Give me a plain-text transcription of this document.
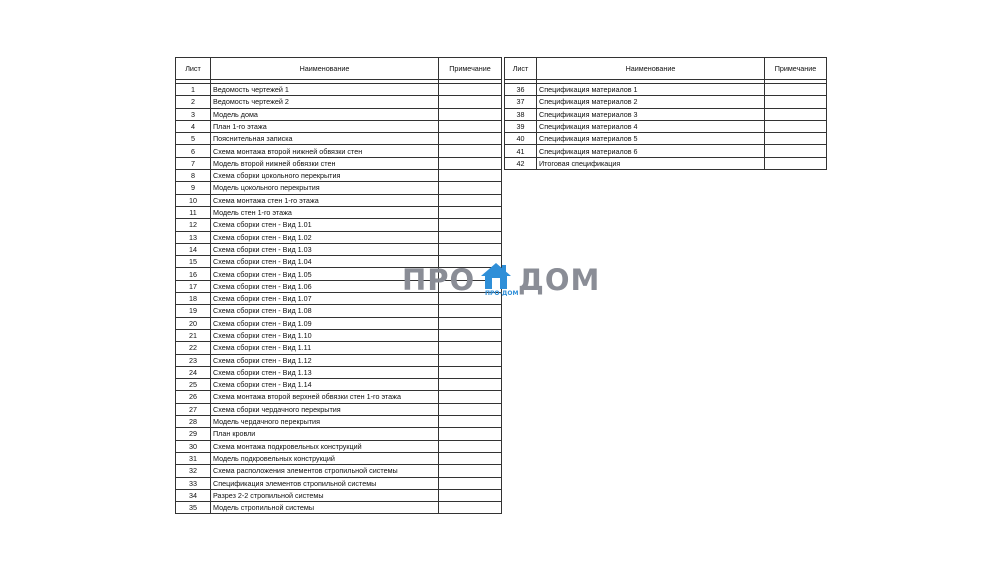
Лист	Наименование	Примечание

1	Ведомость чертежей 1	
2	Ведомость чертежей 2	
3	Модель дома	
4	План 1-го этажа	
5	Пояснительная записка	
6	Схема монтажа второй нижней обвязки стен	
7	Модель второй нижней обвязки стен	
8	Схема сборки цокольного перекрытия	
9	Модель цокольного перекрытия	
10	Схема монтажа стен 1-го этажа	
11	Модель стен 1-го этажа	
12	Схема сборки стен - Вид 1.01	
13	Схема сборки стен - Вид 1.02	
14	Схема сборки стен - Вид 1.03	
15	Схема сборки стен - Вид 1.04	
16	Схема сборки стен - Вид 1.05	
17	Схема сборки стен - Вид 1.06	
18	Схема сборки стен - Вид 1.07	
19	Схема сборки стен - Вид 1.08	
20	Схема сборки стен - Вид 1.09	
21	Схема сборки стен - Вид 1.10	
22	Схема сборки стен - Вид 1.11	
23	Схема сборки стен - Вид 1.12	
24	Схема сборки стен - Вид 1.13	
25	Схема сборки стен - Вид 1.14	
26	Схема монтажа второй верхней обвязки стен 1-го этажа	
27	Схема сборки чердачного перекрытия	
28	Модель чердачного перекрытия	
29	План кровли	
30	Схема монтажа подкровельных конструкций	
31	Модель подкровельных конструкций	
32	Схема расположения элементов стропильной системы	
33	Спецификация элементов стропильной системы	
34	Разрез 2-2 стропильной системы	
35	Модель стропильной системы	
Лист	Наименование	Примечание

36	Спецификация материалов 1	
37	Спецификация материалов 2	
38	Спецификация материалов 3	
39	Спецификация материалов 4	
40	Спецификация материалов 5	
41	Спецификация материалов 6	
42	Итоговая спецификация	
ПРО ДОМ
ПРО-ДОМ
